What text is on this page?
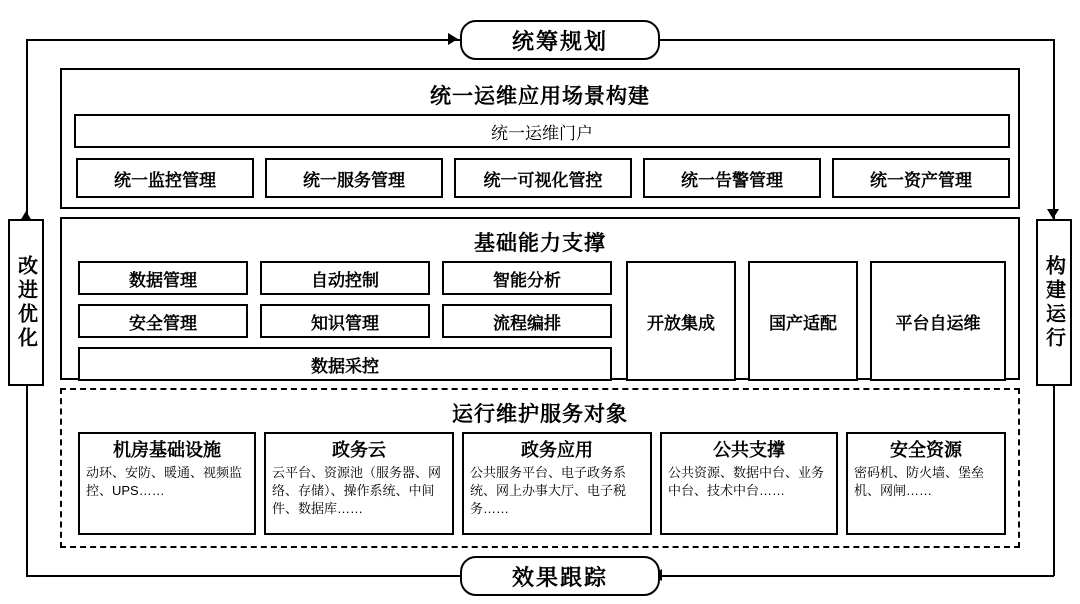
统筹规划
效果跟踪
改进优化	构建运行
统一运维应用场景构建
统一运维门户
统一监控管理	统一服务管理	统一可视化管控	统一告警管理	统一资产管理
基础能力支撑
数据管理	自动控制	智能分析
安全管理	知识管理	流程编排
数据采控
开放集成	国产适配	平台自运维
运行维护服务对象
机房基础设施
动环、安防、暖通、视频监控、UPS……
政务云
云平台、资源池（服务器、网络、存储）、操作系统、中间件、数据库……
政务应用
公共服务平台、电子政务系统、网上办事大厅、电子税务……
公共支撑
公共资源、数据中台、业务中台、技术中台……
安全资源
密码机、防火墙、堡垒机、网闸……
